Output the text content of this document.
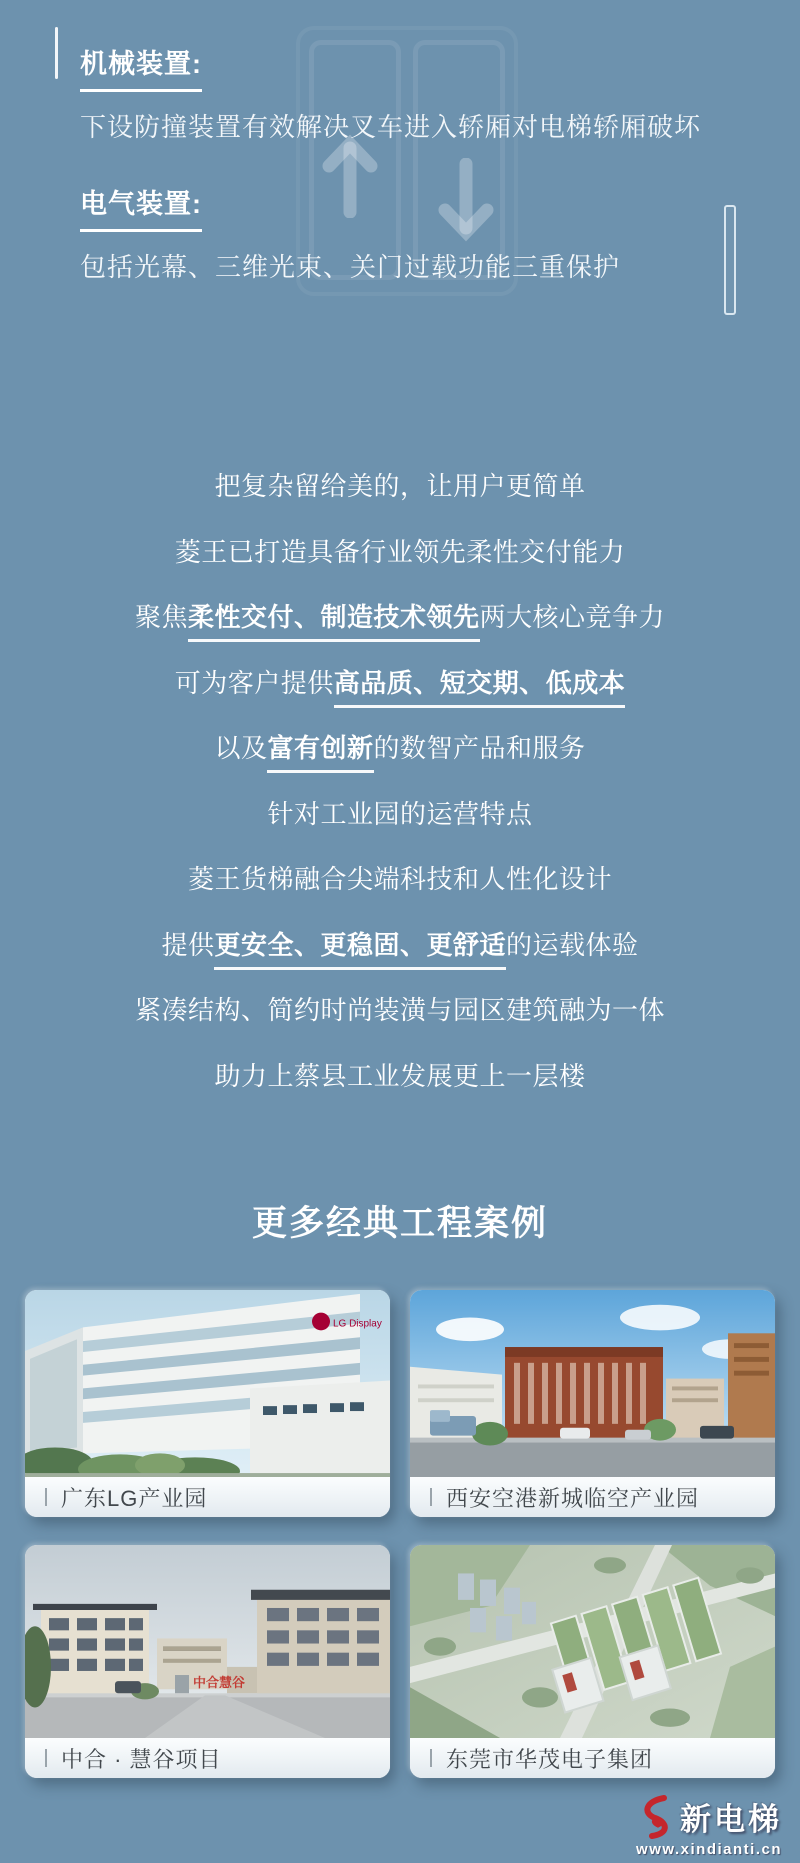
机械装置:
下设防撞装置有效解决叉车进入轿厢对电梯轿厢破坏
电气装置:
包括光幕、三维光束、关门过载功能三重保护
把复杂留给美的，让用户更简单
菱王已打造具备行业领先柔性交付能力
聚焦柔性交付、制造技术领先两大核心竞争力
可为客户提供高品质、短交期、低成本
以及富有创新的数智产品和服务
针对工业园的运营特点
菱王货梯融合尖端科技和人性化设计
提供更安全、更稳固、更舒适的运载体验
紧凑结构、简约时尚装潢与园区建筑融为一体
助力上蔡县工业发展更上一层楼
更多经典工程案例
LG Display
广东LG产业园	西安空港新城临空产业园
中合慧谷
中合 · 慧谷项目	东莞市华茂电子集团
新电梯
www.xindianti.cn
